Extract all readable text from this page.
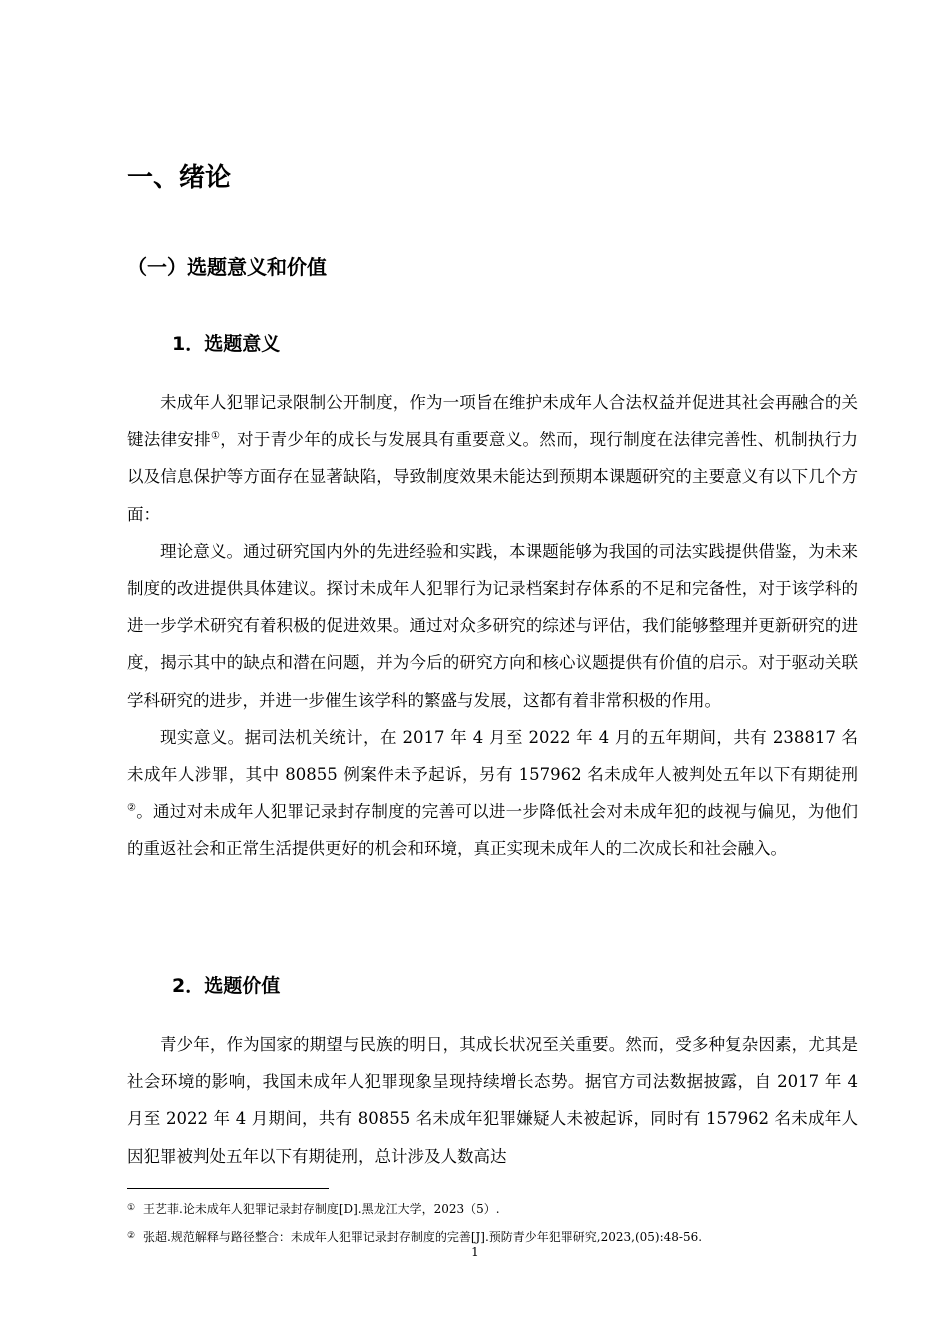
一、绪论
（一）选题意义和价值
1．选题意义

未成年人犯罪记录限制公开制度，作为一项旨在维护未成年人合法权益并促进其社会再融合的关键法律安排①，对于青少年的成长与发展具有重要意义。然而，现行制度在法律完善性、机制执行力以及信息保护等方面存在显著缺陷，导致制度效果未能达到预期本课题研究的主要意义有以下几个方面：

理论意义。通过研究国内外的先进经验和实践，本课题能够为我国的司法实践提供借鉴，为未来制度的改进提供具体建议。探讨未成年人犯罪行为记录档案封存体系的不足和完备性，对于该学科的进一步学术研究有着积极的促进效果。通过对众多研究的综述与评估，我们能够整理并更新研究的进度，揭示其中的缺点和潜在问题，并为今后的研究方向和核心议题提供有价值的启示。对于驱动关联学科研究的进步，并进一步催生该学科的繁盛与发展，这都有着非常积极的作用。

现实意义。据司法机关统计，在 2017 年 4 月至 2022 年 4 月的五年期间，共有 238817 名未成年人涉罪，其中 80855 例案件未予起诉，另有 157962 名未成年人被判处五年以下有期徒刑②。通过对未成年人犯罪记录封存制度的完善可以进一步降低社会对未成年犯的歧视与偏见，为他们的重返社会和正常生活提供更好的机会和环境，真正实现未成年人的二次成长和社会融入。

2．选题价值

青少年，作为国家的期望与民族的明日，其成长状况至关重要。然而，受多种复杂因素，尤其是社会环境的影响，我国未成年人犯罪现象呈现持续增长态势。据官方司法数据披露，自 2017 年 4 月至 2022 年 4 月期间，共有 80855 名未成年犯罪嫌疑人未被起诉，同时有 157962 名未成年人因犯罪被判处五年以下有期徒刑，总计涉及人数高达

① 王艺菲.论未成年人犯罪记录封存制度[D].黑龙江大学，2023（5）.
② 张超.规范解释与路径整合：未成年人犯罪记录封存制度的完善[J].预防青少年犯罪研究,2023,(05):48-56.
1
